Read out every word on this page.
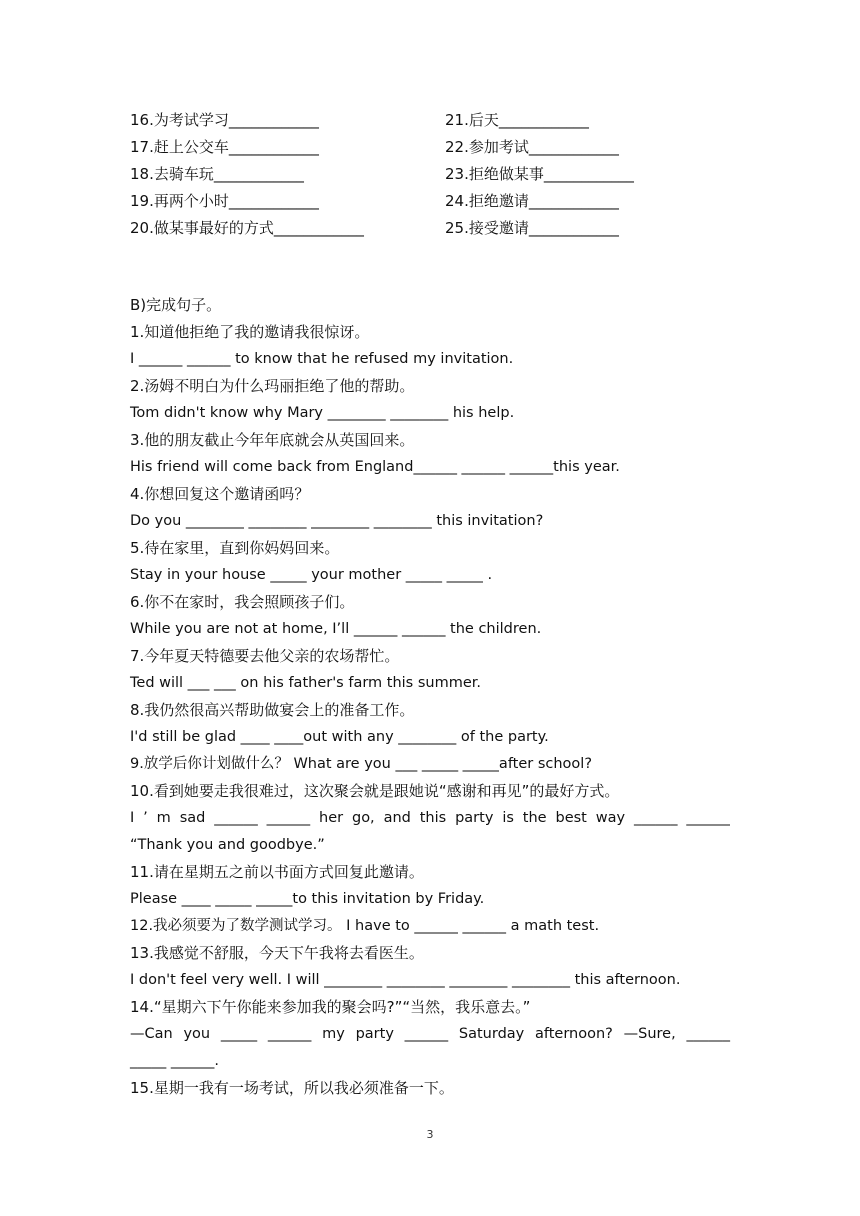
16.为考试学习____________	21.后天____________
17.赶上公交车____________	22.参加考试____________
18.去骑车玩____________	23.拒绝做某事____________
19.再两个小时____________	24.拒绝邀请____________
20.做某事最好的方式____________	25.接受邀请____________
B)完成句子。
1.知道他拒绝了我的邀请我很惊讶。
I ______ ______ to know that he refused my invitation.
2.汤姆不明白为什么玛丽拒绝了他的帮助。
Tom didn't know why Mary ________ ________ his help.
3.他的朋友截止今年年底就会从英国回来。
His friend will come back from England______ ______ ______this year.
4.你想回复这个邀请函吗？
Do you ________ ________ ________ ________ this invitation?
5.待在家里，直到你妈妈回来。
Stay in your house _____ your mother _____ _____ .
6.你不在家时，我会照顾孩子们。
While you are not at home, I’ll ______ ______ the children.
7.今年夏天特德要去他父亲的农场帮忙。
Ted will ___ ___ on his father's farm this summer.
8.我仍然很高兴帮助做宴会上的准备工作。
I'd still be glad ____ ____out with any ________ of the party.
9.放学后你计划做什么？ What are you ___ _____ _____after school?
10.看到她要走我很难过，这次聚会就是跟她说“感谢和再见”的最好方式。
I ’ m sad ______ ______ her go, and this party is the best way ______ ______
“Thank you and goodbye.”
11.请在星期五之前以书面方式回复此邀请。
Please ____ _____ _____to this invitation by Friday.
12.我必须要为了数学测试学习。 I have to ______ ______ a math test.
13.我感觉不舒服，今天下午我将去看医生。
I don't feel very well. I will ________ ________ ________ ________ this afternoon.
14.“星期六下午你能来参加我的聚会吗?”“当然，我乐意去。”
—Can you _____ ______ my party ______ Saturday afternoon? —Sure, ______
_____ ______.
15.星期一我有一场考试，所以我必须准备一下。
3
